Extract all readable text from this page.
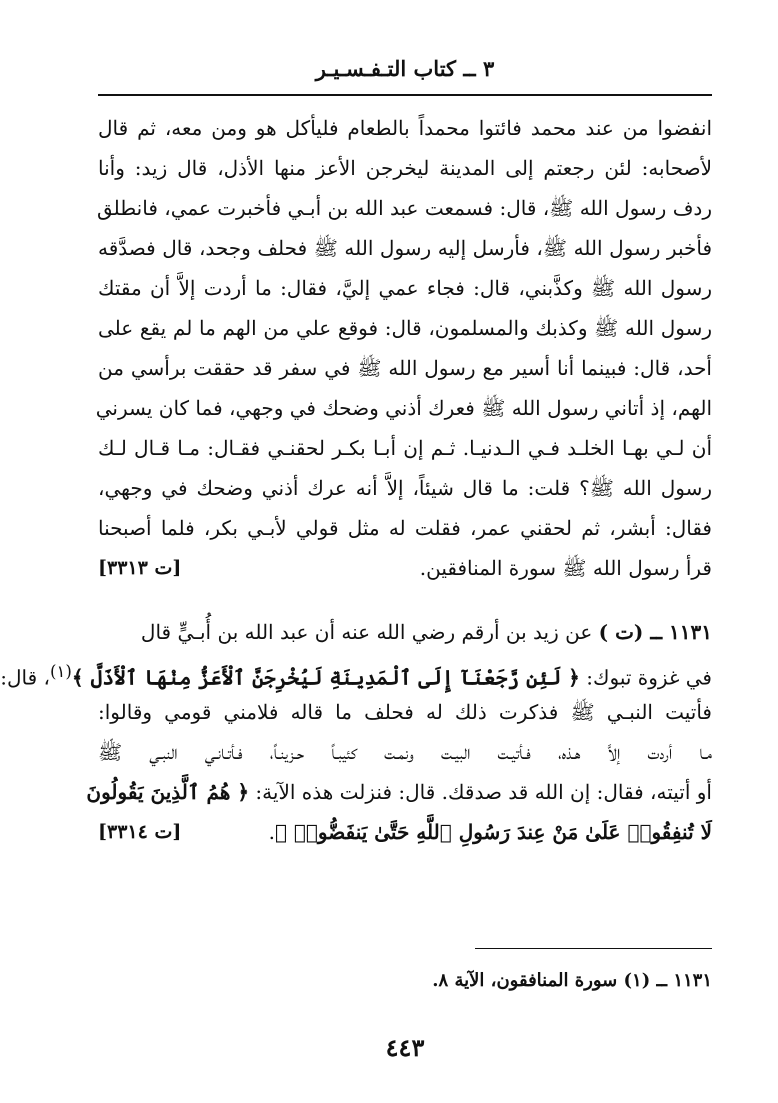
٣ ــ كتاب التـفـسـيـر
انفضوا من عند محمد فائتوا محمداً بالطعام فليأكل هو ومن معه، ثم قال
لأصحابه: لئن رجعتم إلى المدينة ليخرجن الأعز منها الأذل، قال زيد: وأنا
ردف رسول الله ﷺ، قال: فسمعت عبد الله بن أبـي فأخبرت عمي، فانطلق
فأخبر رسول الله ﷺ، فأرسل إليه رسول الله ﷺ فحلف وجحد، قال فصدَّقه
رسول الله ﷺ وكذَّبني، قال: فجاء عمي إليَّ، فقال: ما أردت إلاَّ أن مقتك
رسول الله ﷺ وكذبك والمسلمون، قال: فوقع علي من الهم ما لم يقع على
أحد، قال: فبينما أنا أسير مع رسول الله ﷺ في سفر قد حققت برأسي من
الهم، إذ أتاني رسول الله ﷺ فعرك أذني وضحك في وجهي، فما كان يسرني
أن لـي بهـا الخلـد فـي الـدنيـا. ثـم إن أبـا بكـر لحقنـي فقـال: مـا قـال لـك
رسول الله ﷺ؟ قلت: ما قال شيئاً، إلاَّ أنه عرك أذني وضحك في وجهي،
فقال: أبشر، ثم لحقني عمر، فقلت له مثل قولي لأبـي بكر، فلما أصبحنا
قرأ رسول الله ﷺ سورة المنافقين.
[ت ٣٣١٣]
١١٣١ ــ (ت ) عن زيد بن أرقم رضي الله عنه أن عبد الله بن أُبـيٍّ قال
في غزوة تبوك: ﴿ لَئِن رَّجَعْنَآ إِلَى ٱلْمَدِينَةِ لَيُخْرِجَنَّ ٱلْأَعَزُّ مِنْهَا ٱلْأَذَلَّ ﴾$^{(١)}$، قال:
فأتيت النبـي ﷺ فذكرت ذلك له فحلف ما قاله فلامني قومي وقالوا:
مـا أردت إلاَّ هـذه، فـأتيـت البيـت ونمـت كئيبـاً حـزينـاً، فـأتـانـي النبـي ﷺ
أو أتيته، فقال: إن الله قد صدقك. قال: فنزلت هذه الآية: ﴿ هُمُ ٱلَّذِينَ يَقُولُونَ
لَا تُنفِقُوا۟ عَلَىٰ مَنْ عِندَ رَسُولِ ٱللَّهِ حَتَّىٰ يَنفَضُّوا۟ ﴾.
[ت ٣٣١٤]
١١٣١ ــ (١) سورة المنافقون، الآية ٨.
٤٤٣
